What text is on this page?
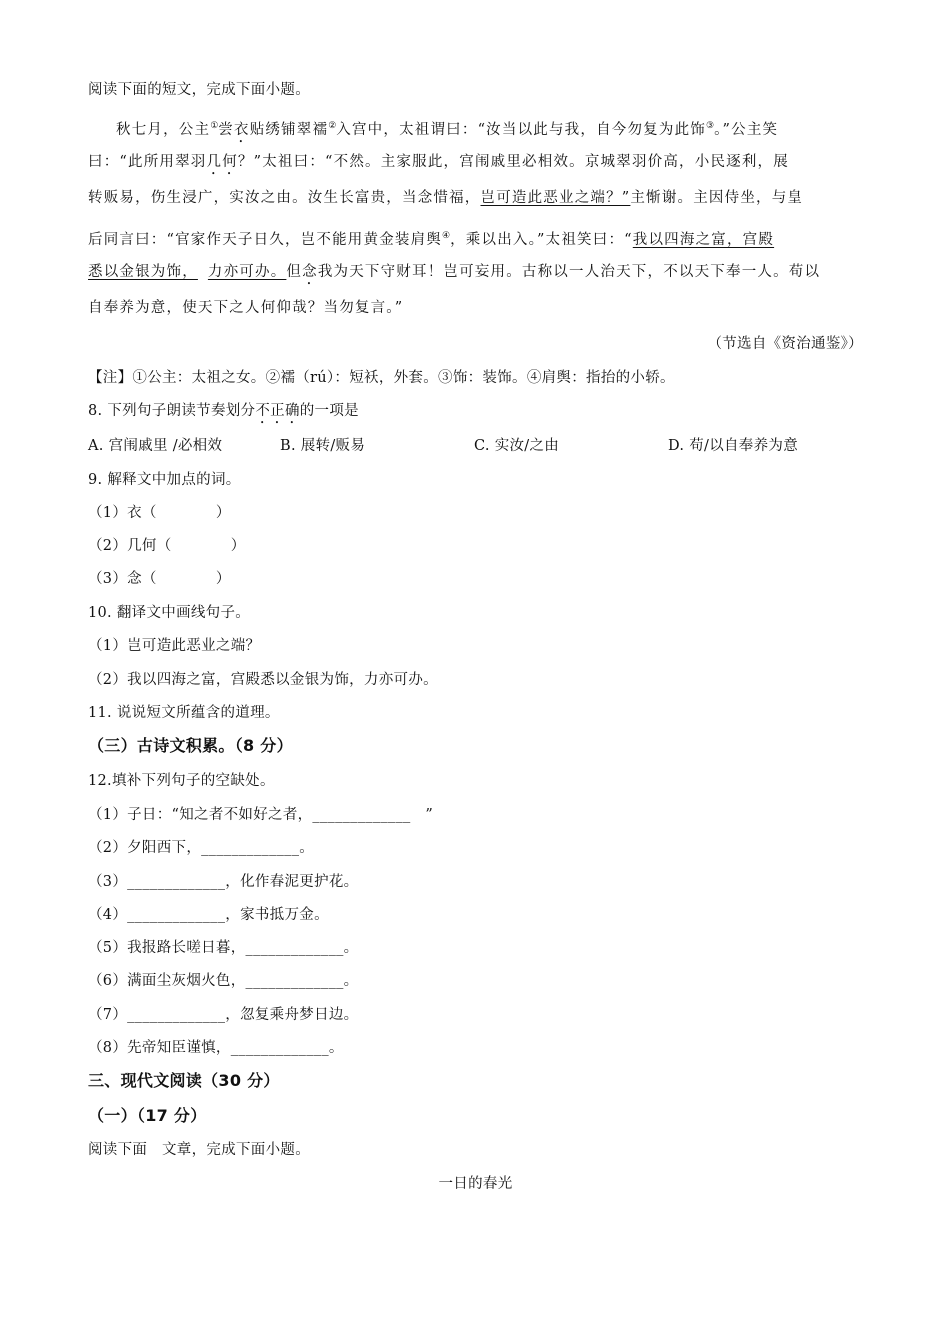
阅读下面的短文，完成下面小题。
秋七月，公主①尝衣贴绣铺翠襦②入宫中，太祖谓曰：“汝当以此与我，自今勿复为此饰③。”公主笑
曰：“此所用翠羽几何？”太祖曰：“不然。主家服此，宫闱戚里必相效。京城翠羽价高，小民逐利，展
转贩易，伤生浸广，实汝之由。汝生长富贵，当念惜福，岂可造此恶业之端？”主惭谢。主因侍坐，与皇
后同言曰：“官家作天子日久，岂不能用黄金装肩舆④，乘以出入。”太祖笑曰：“我以四海之富，宫殿
悉以金银为饰， 力亦可办。但念我为天下守财耳！岂可妄用。古称以一人治天下，不以天下奉一人。苟以
自奉养为意，使天下之人何仰哉？当勿复言。”
（节选自《资治通鉴》）
【注】①公主：太祖之女。②襦（rú）：短袄，外套。③饰：装饰。④肩舆：指抬的小轿。
8. 下列句子朗读节奏划分不正确的一项是
A. 宫闱戚里 /必相效	B. 展转/贩易	C. 实汝/之由	D. 苟/以自奉养为意
9. 解释文中加点的词。
（1）衣（　　　　）
（2）几何（　　　　）
（3）念（　　　　）
10. 翻译文中画线句子。
（1）岂可造此恶业之端？
（2）我以四海之富，宫殿悉以金银为饰，力亦可办。
11. 说说短文所蕴含的道理。
（三）古诗文积累。（8 分）
12.填补下列句子的空缺处。
（1）子日：“知之者不如好之者，_____________　”
（2）夕阳西下，_____________。
（3）_____________，化作春泥更护花。
（4）_____________，家书抵万金。
（5）我报路长嗟日暮，_____________。
（6）满面尘灰烟火色，_____________。
（7）_____________，忽复乘舟梦日边。
（8）先帝知臣谨慎，_____________。
三、现代文阅读（30 分）
（一）（17 分）
阅读下面　文章，完成下面小题。
一日的春光
